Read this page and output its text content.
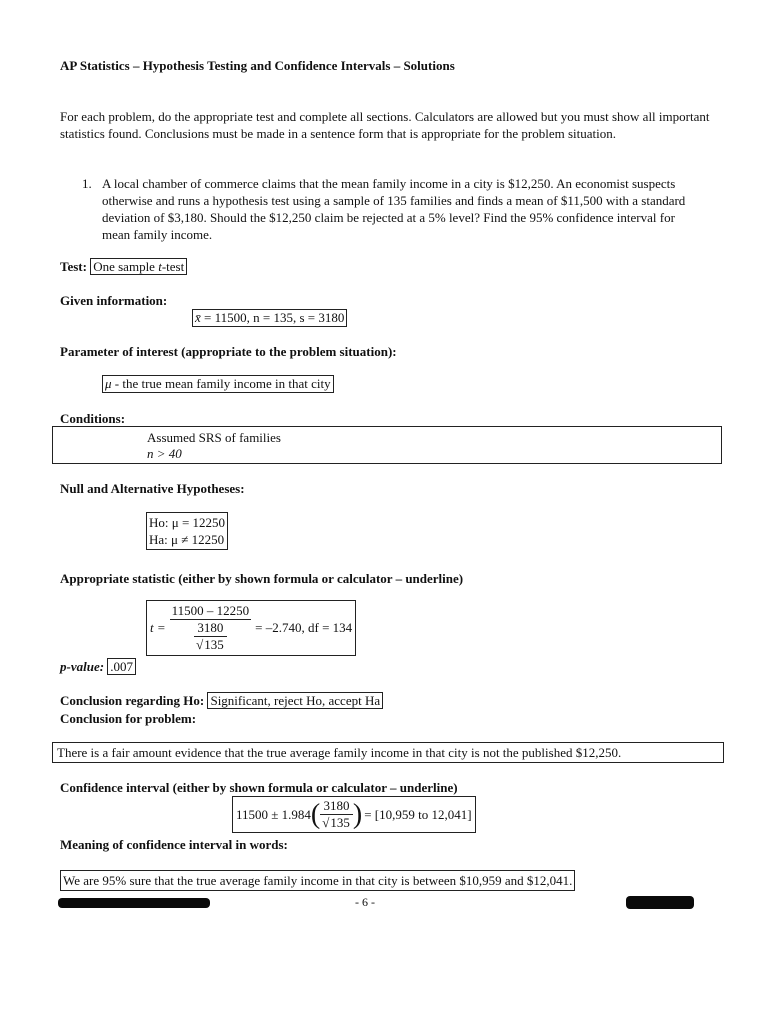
AP Statistics – Hypothesis Testing and Confidence Intervals – Solutions
For each problem, do the appropriate test and complete all sections. Calculators are allowed but you must show all important statistics found. Conclusions must be made in a sentence form that is appropriate for the problem situation.
1. A local chamber of commerce claims that the mean family income in a city is $12,250. An economist suspects otherwise and runs a hypothesis test using a sample of 135 families and finds a mean of $11,500 with a standard deviation of $3,180. Should the $12,250 claim be rejected at a 5% level? Find the 95% confidence interval for mean family income.
Test: One sample t-test
Given information:
x̄ = 11500, n = 135, s = 3180
Parameter of interest (appropriate to the problem situation):
μ - the true mean family income in that city
Conditions:
Assumed SRS of families
n > 40
Null and Alternative Hypotheses:
Ho: μ = 12250
Ha: μ ≠ 12250
Appropriate statistic (either by shown formula or calculator – underline)
$t = \frac{11500 - 12250}{\frac{3180}{√135}} = -2.740$, df = 134
p-value: .007
Conclusion regarding Ho: Significant, reject Ho, accept Ha
Conclusion for problem:
There is a fair amount evidence that the true average family income in that city is not the published $12,250.
Confidence interval (either by shown formula or calculator – underline)
11500 ± 1.984 ( $\frac{3180}{√135}$ ) = [10,959 to 12,041]
Meaning of confidence interval in words:
We are 95% sure that the true average family income in that city is between $10,959 and $12,041.
- 6 -
